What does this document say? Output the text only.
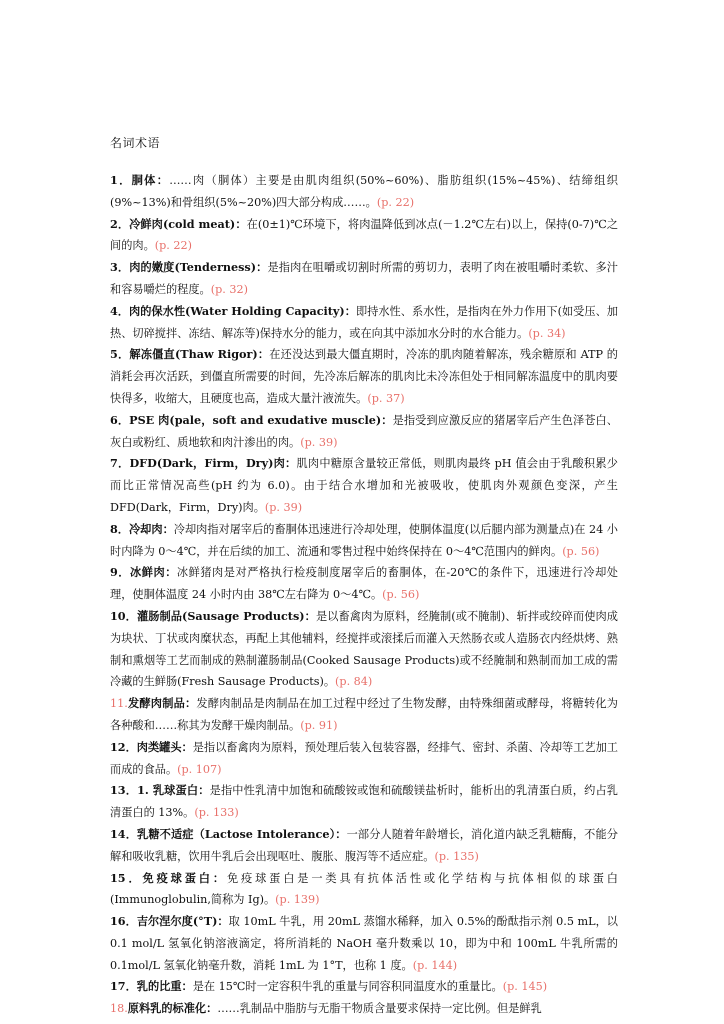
名词术语

1．胴体：……肉（胴体）主要是由肌肉组织(50%~60%)、脂肪组织(15%~45%)、结缔组织(9%~13%)和骨组织(5%~20%)四大部分构成……。(p. 22)

2．冷鲜肉(cold meat)：在(0±1)℃环境下，将肉温降低到冰点(－1.2℃左右)以上，保持(0-7)℃之间的肉。(p. 22)

3．肉的嫩度(Tenderness)：是指肉在咀嚼或切割时所需的剪切力，表明了肉在被咀嚼时柔软、多汁和容易嚼烂的程度。(p. 32)

4．肉的保水性(Water Holding Capacity)：即持水性、系水性，是指肉在外力作用下(如受压、加热、切碎搅拌、冻结、解冻等)保持水分的能力，或在向其中添加水分时的水合能力。(p. 34)

5．解冻僵直(Thaw Rigor)：在还没达到最大僵直期时，冷冻的肌肉随着解冻，残余糖原和 ATP 的消耗会再次活跃，到僵直所需要的时间，先冷冻后解冻的肌肉比未冷冻但处于相同解冻温度中的肌肉要快得多，收缩大，且硬度也高，造成大量汁液流失。(p. 37)

6．PSE 肉(pale，soft and exudative muscle)：是指受到应激反应的猪屠宰后产生色泽苍白、灰白或粉红、质地软和肉汁渗出的肉。(p. 39)

7．DFD(Dark，Firm，Dry)肉：肌肉中糖原含量较正常低，则肌肉最终 pH 值会由于乳酸积累少而比正常情况高些(pH 约为 6.0)。由于结合水增加和光被吸收，使肌肉外观颜色变深，产生 DFD(Dark，Firm，Dry)肉。(p. 39)

8．冷却肉：冷却肉指对屠宰后的畜胴体迅速进行冷却处理，使胴体温度(以后腿内部为测量点)在 24 小时内降为 0～4℃，并在后续的加工、流通和零售过程中始终保持在 0～4℃范围内的鲜肉。(p. 56)

9．冰鲜肉：冰鲜猪肉是对严格执行检疫制度屠宰后的畜胴体，在-20℃的条件下，迅速进行冷却处理，使胴体温度 24 小时内由 38℃左右降为 0～4℃。(p. 56)

10．灌肠制品(Sausage Products)：是以畜禽肉为原料，经腌制(或不腌制)、斩拌或绞碎而使肉成为块状、丁状或肉糜状态，再配上其他辅料，经搅拌或滚揉后而灌入天然肠衣或人造肠衣内经烘烤、熟制和熏烟等工艺而制成的熟制灌肠制品(Cooked Sausage Products)或不经腌制和熟制而加工成的需冷藏的生鲜肠(Fresh Sausage Products)。(p. 84)

11.发酵肉制品：发酵肉制品是肉制品在加工过程中经过了生物发酵，由特殊细菌或酵母，将糖转化为各种酸和……称其为发酵干燥肉制品。(p. 91)

12．肉类罐头：是指以畜禽肉为原料，预处理后装入包装容器，经排气、密封、杀菌、冷却等工艺加工而成的食品。(p. 107)

13．1. 乳球蛋白：是指中性乳清中加饱和硫酸铵或饱和硫酸镁盐析时，能析出的乳清蛋白质，约占乳清蛋白的 13%。(p. 133)

14．乳糖不适症（Lactose Intolerance）：一部分人随着年龄增长，消化道内缺乏乳糖酶，不能分解和吸收乳糖，饮用牛乳后会出现呕吐、腹胀、腹泻等不适应症。(p. 135)

15．免疫球蛋白：免疫球蛋白是一类具有抗体活性或化学结构与抗体相似的球蛋白(Immunoglobulin,简称为 Ig)。(p. 139)

16．吉尔涅尔度(°T)：取 10mL 牛乳，用 20mL 蒸馏水稀释，加入 0.5%的酚酞指示剂 0.5 mL，以 0.1 mol/L 氢氧化钠溶液滴定，将所消耗的 NaOH 毫升数乘以 10，即为中和 100mL 牛乳所需的 0.1mol/L 氢氧化钠毫升数，消耗 1mL 为 1°T，也称 1 度。(p. 144)

17．乳的比重：是在 15℃时一定容积牛乳的重量与同容积同温度水的重量比。(p. 145)

18.原料乳的标准化：……乳制品中脂肪与无脂干物质含量要求保持一定比例。但是鲜乳
